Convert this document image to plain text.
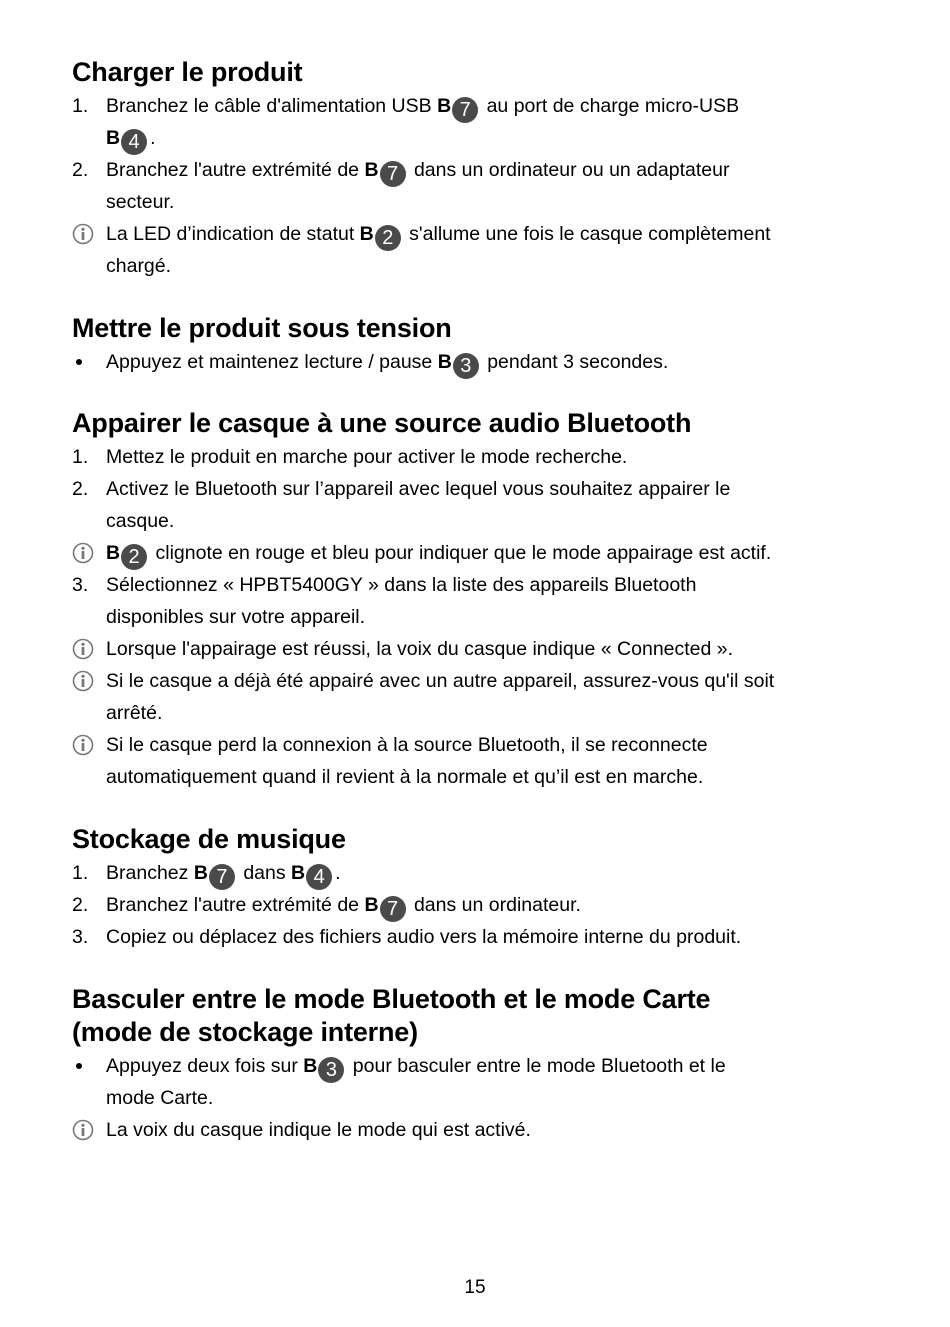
Charger le produit
1. Branchez le câble d'alimentation USB B 7 au port de charge micro-USB
B 4 .
2. Branchez l'autre extrémité de B 7 dans un ordinateur ou un adaptateur
secteur.
La LED d’indication de statut B 2 s'allume une fois le casque complètement
chargé.
Mettre le produit sous tension
Appuyez et maintenez lecture / pause B 3 pendant 3 secondes.
Appairer le casque à une source audio Bluetooth
1. Mettez le produit en marche pour activer le mode recherche.
2. Activez le Bluetooth sur l’appareil avec lequel vous souhaitez appairer le
casque.
B 2 clignote en rouge et bleu pour indiquer que le mode appairage est actif.
3. Sélectionnez « HPBT5400GY » dans la liste des appareils Bluetooth
disponibles sur votre appareil.
Lorsque l'appairage est réussi, la voix du casque indique « Connected ».
Si le casque a déjà été appairé avec un autre appareil, assurez-vous qu'il soit
arrêté.
Si le casque perd la connexion à la source Bluetooth, il se reconnecte
automatiquement quand il revient à la normale et qu’il est en marche.
Stockage de musique
1. Branchez B 7 dans B 4 .
2. Branchez l'autre extrémité de B 7 dans un ordinateur.
3. Copiez ou déplacez des fichiers audio vers la mémoire interne du produit.
Basculer entre le mode Bluetooth et le mode Carte
(mode de stockage interne)
Appuyez deux fois sur B 3 pour basculer entre le mode Bluetooth et le
mode Carte.
La voix du casque indique le mode qui est activé.
15
